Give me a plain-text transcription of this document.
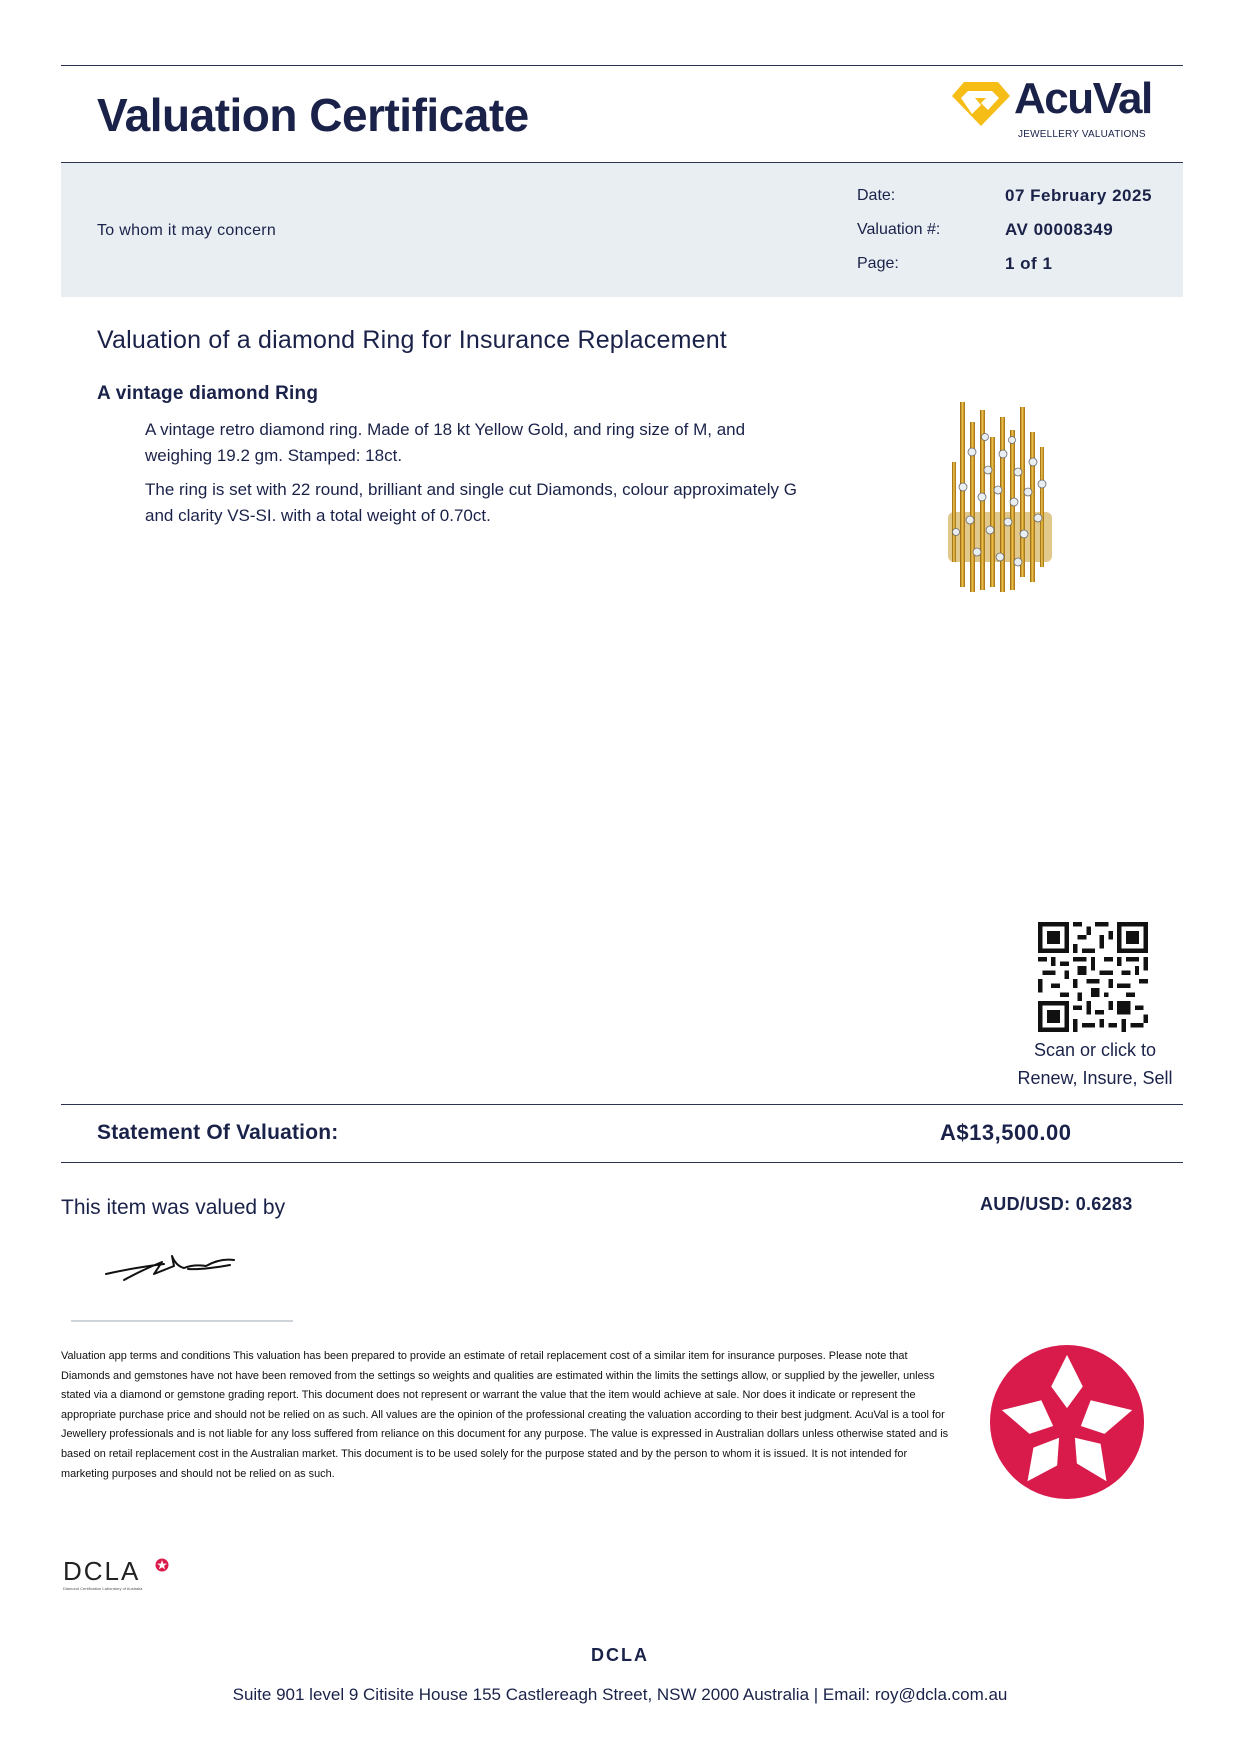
Valuation Certificate	AcuVal
JEWELLERY VALUATIONS
To whom it may concern
Date:	07 February 2025
Valuation #:	AV 00008349
Page:	1 of 1
Valuation of a diamond Ring for Insurance Replacement
A vintage diamond Ring
A vintage retro diamond ring. Made of 18 kt Yellow Gold, and ring size of M, and weighing 19.2 gm. Stamped: 18ct.
The ring is set with 22 round, brilliant and single cut Diamonds, colour approximately G and clarity VS-SI. with a total weight of 0.70ct.
Scan or click to
Renew, Insure, Sell
Statement Of Valuation:	A$13,500.00
This item was valued by	AUD/USD: 0.6283
Valuation app terms and conditions This valuation has been prepared to provide an estimate of retail replacement cost of a similar item for insurance purposes. Please note that Diamonds and gemstones have not have been removed from the settings so weights and qualities are estimated within the limits the settings allow, or supplied by the jeweller, unless stated via a diamond or gemstone grading report. This document does not represent or warrant the value that the item would achieve at sale. Nor does it indicate or represent the appropriate purchase price and should not be relied on as such. All values are the opinion of the professional creating the valuation according to their best judgment. AcuVal is a tool for Jewellery professionals and is not liable for any loss suffered from reliance on this document for any purpose. The value is expressed in Australian dollars unless otherwise stated and is based on retail replacement cost in the Australian market. This document is to be used solely for the purpose stated and by the person to whom it is issued. It is not intended for marketing purposes and should not be relied on as such.
DCLA
Diamond Certification Laboratory of Australia
DCLA
Suite 901 level 9 Citisite House 155 Castlereagh Street, NSW 2000 Australia | Email: roy@dcla.com.au
